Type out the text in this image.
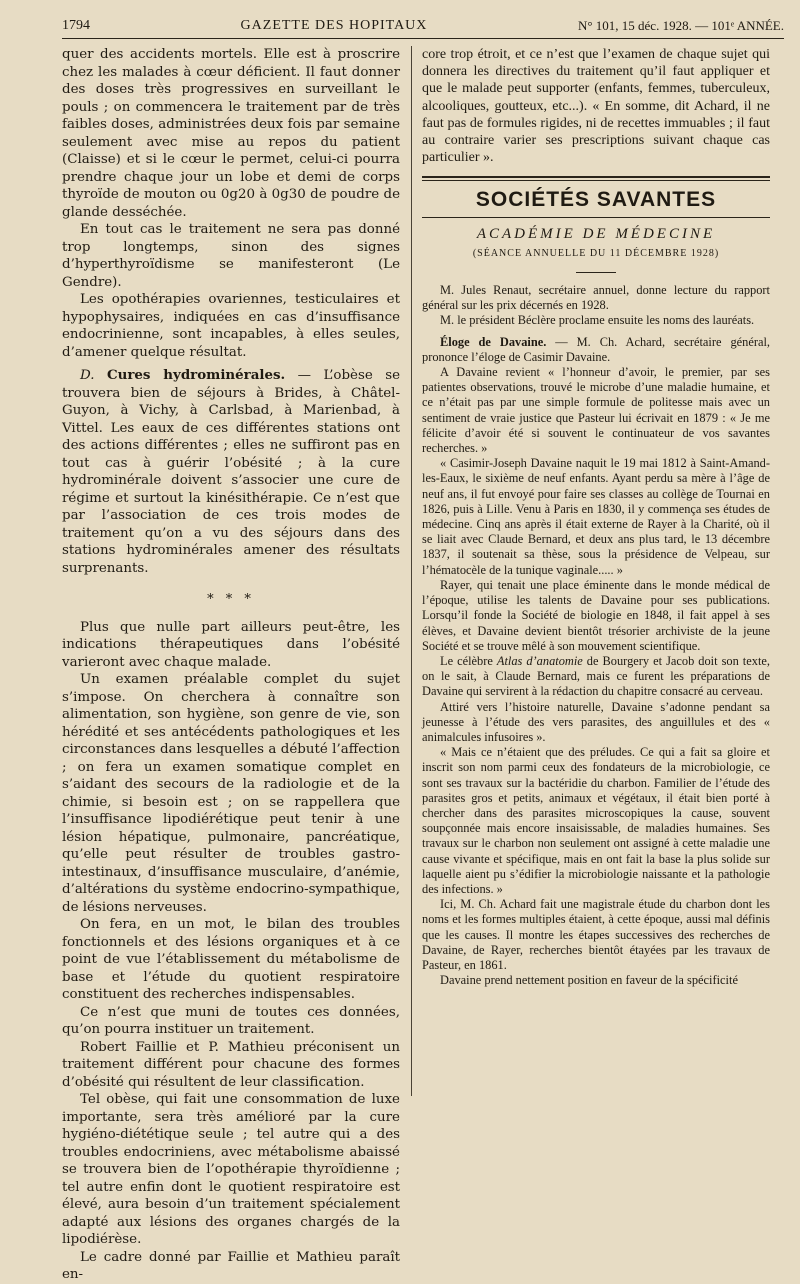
1794	GAZETTE DES HOPITAUX	N° 101, 15 déc. 1928. — 101ᵉ ANNÉE.

quer des accidents mortels. Elle est à proscrire chez les malades à cœur déficient. Il faut donner des doses très progressives en surveillant le pouls ; on commencera le traitement par de très faibles doses, administrées deux fois par semaine seulement avec mise au repos du patient (Claisse) et si le cœur le permet, celui-ci pourra prendre chaque jour un lobe et demi de corps thyroïde de mouton ou 0g20 à 0g30 de poudre de glande desséchée.

En tout cas le traitement ne sera pas donné trop longtemps, sinon des signes d’hyperthyroïdisme se manifesteront (Le Gendre).

Les opothérapies ovariennes, testiculaires et hypophysaires, indiquées en cas d’insuffisance endocrinienne, sont incapables, à elles seules, d’amener quelque résultat.

D. Cures hydrominérales. — L’obèse se trouvera bien de séjours à Brides, à Châtel-Guyon, à Vichy, à Carlsbad, à Marienbad, à Vittel. Les eaux de ces différentes stations ont des actions différentes ; elles ne suffiront pas en tout cas à guérir l’obésité ; à la cure hydrominérale doivent s’associer une cure de régime et surtout la kinésithérapie. Ce n’est que par l’association de ces trois modes de traitement qu’on a vu des séjours dans des stations hydrominérales amener des résultats surprenants.

* * *

Plus que nulle part ailleurs peut-être, les indications thérapeutiques dans l’obésité varieront avec chaque malade.

Un examen préalable complet du sujet s’impose. On cherchera à connaître son alimentation, son hygiène, son genre de vie, son hérédité et ses antécédents pathologiques et les circonstances dans lesquelles a débuté l’affection ; on fera un examen somatique complet en s’aidant des secours de la radiologie et de la chimie, si besoin est ; on se rappellera que l’insuffisance lipodiérétique peut tenir à une lésion hépatique, pulmonaire, pancréatique, qu’elle peut résulter de troubles gastro-intestinaux, d’insuffisance musculaire, d’anémie, d’altérations du système endocrino-sympathique, de lésions nerveuses.

On fera, en un mot, le bilan des troubles fonctionnels et des lésions organiques et à ce point de vue l’établissement du métabolisme de base et l’étude du quotient respiratoire constituent des recherches indispensables.

Ce n’est que muni de toutes ces données, qu’on pourra instituer un traitement.

Robert Faillie et P. Mathieu préconisent un traitement différent pour chacune des formes d’obésité qui résultent de leur classification.

Tel obèse, qui fait une consommation de luxe importante, sera très amélioré par la cure hygiéno-diététique seule ; tel autre qui a des troubles endocriniens, avec métabolisme abaissé se trouvera bien de l’opothérapie thyroïdienne ; tel autre enfin dont le quotient respiratoire est élevé, aura besoin d’un traitement spécialement adapté aux lésions des organes chargés de la lipodiérèse.

Le cadre donné par Faillie et Mathieu paraît en-

core trop étroit, et ce n’est que l’examen de chaque sujet qui donnera les directives du traitement qu’il faut appliquer et que le malade peut supporter (enfants, femmes, tuberculeux, alcooliques, goutteux, etc...). « En somme, dit Achard, il ne faut pas de formules rigides, ni de recettes immuables ; il faut au contraire varier ses prescriptions suivant chaque cas particulier ».

SOCIÉTÉS SAVANTES
ACADÉMIE DE MÉDECINE
(SÉANCE ANNUELLE DU 11 DÉCEMBRE 1928)

M. Jules Renaut, secrétaire annuel, donne lecture du rapport général sur les prix décernés en 1928.

M. le président Béclère proclame ensuite les noms des lauréats.

Éloge de Davaine. — M. Ch. Achard, secrétaire général, prononce l’éloge de Casimir Davaine.

A Davaine revient « l’honneur d’avoir, le premier, par ses patientes observations, trouvé le microbe d’une maladie humaine, et ce n’était pas par une simple formule de politesse mais avec un sentiment de vraie justice que Pasteur lui écrivait en 1879 : « Je me félicite d’avoir été si souvent le continuateur de vos savantes recherches. »

« Casimir-Joseph Davaine naquit le 19 mai 1812 à Saint-Amand-les-Eaux, le sixième de neuf enfants. Ayant perdu sa mère à l’âge de neuf ans, il fut envoyé pour faire ses classes au collège de Tournai en 1826, puis à Lille. Venu à Paris en 1830, il y commença ses études de médecine. Cinq ans après il était externe de Rayer à la Charité, où il se liait avec Claude Bernard, et deux ans plus tard, le 13 décembre 1837, il soutenait sa thèse, sous la présidence de Velpeau, sur l’hématocèle de la tunique vaginale..... »

Rayer, qui tenait une place éminente dans le monde médical de l’époque, utilise les talents de Davaine pour ses publications. Lorsqu’il fonde la Société de biologie en 1848, il fait appel à ses élèves, et Davaine devient bientôt trésorier archiviste de la jeune Société et se trouve mêlé à son mouvement scientifique.

Le célèbre Atlas d’anatomie de Bourgery et Jacob doit son texte, on le sait, à Claude Bernard, mais ce furent les préparations de Davaine qui servirent à la rédaction du chapitre consacré au cerveau.

Attiré vers l’histoire naturelle, Davaine s’adonne pendant sa jeunesse à l’étude des vers parasites, des anguillules et des « animalcules infusoires ».

« Mais ce n’étaient que des préludes. Ce qui a fait sa gloire et inscrit son nom parmi ceux des fondateurs de la microbiologie, ce sont ses travaux sur la bactéridie du charbon. Familier de l’étude des parasites gros et petits, animaux et végétaux, il était bien porté à chercher dans des parasites microscopiques la cause, souvent soupçonnée mais encore insaisissable, de maladies humaines. Ses travaux sur le charbon non seulement ont assigné à cette maladie une cause vivante et spécifique, mais en ont fait la base la plus solide sur laquelle aient pu s’édifier la microbiologie naissante et la pathologie des infections. »

Ici, M. Ch. Achard fait une magistrale étude du charbon dont les noms et les formes multiples étaient, à cette époque, aussi mal définis que les causes. Il montre les étapes successives des recherches de Davaine, de Rayer, recherches bientôt étayées par les travaux de Pasteur, en 1861.

Davaine prend nettement position en faveur de la spécificité
